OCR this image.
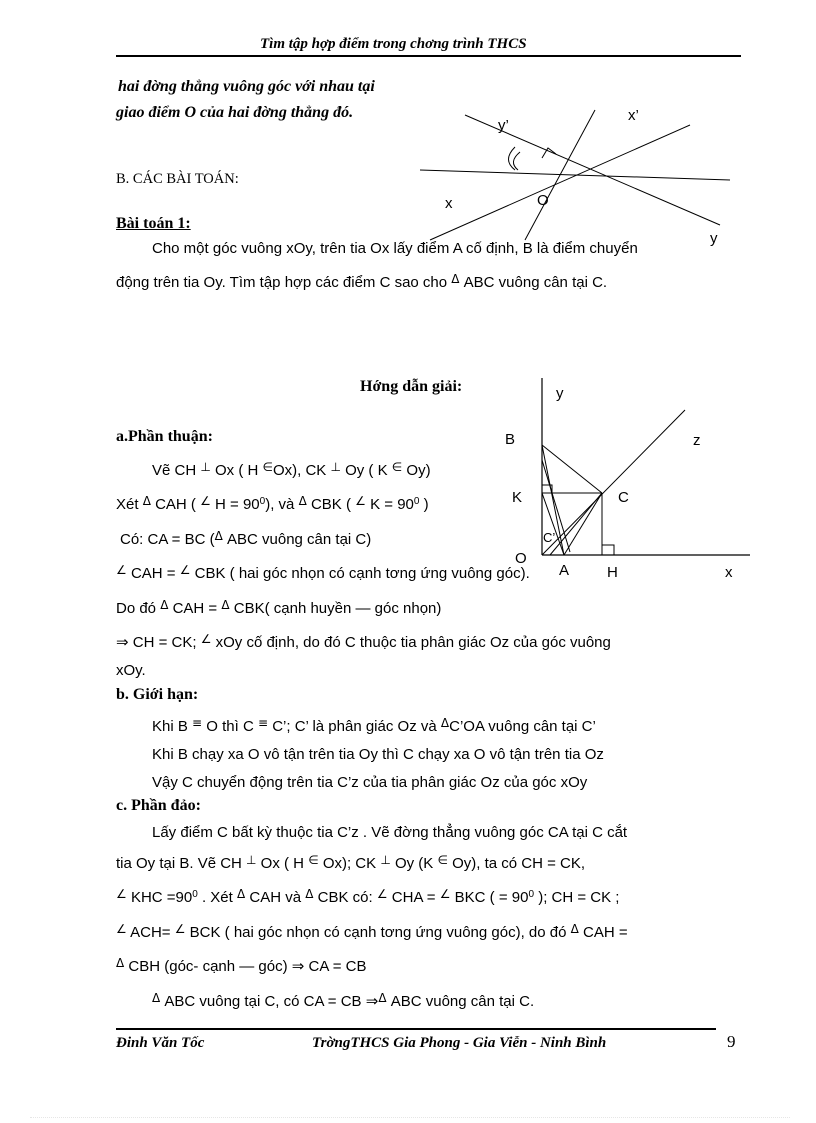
Tìm tập hợp điểm trong chơng trình THCS
hai đờng thẳng vuông góc với nhau tại
giao điểm O của hai đờng thẳng đó.
y’
x’
x	O
y
B. CÁC BÀI TOÁN:
Bài toán 1:
Cho một góc vuông xOy, trên tia Ox lấy điểm A cố định, B là điểm chuyển
động trên tia Oy. Tìm tập hợp các điểm C sao cho $^\Delta$ ABC vuông cân tại C.
y
B	z
K	C
C’
O
A	H	x
Hớng dẫn giải:
a.Phần thuận:
Vẽ CH ⊥ Ox ( H ∈Ox), CK ⊥ Oy ( K ∈ Oy)
Xét $^\Delta$ CAH ( ∠ $H = 90^0$), và $^\Delta$ CBK ( ∠ $K = 90^0$ )
Có: CA = BC ($^\Delta$ ABC vuông cân tại C)
∠ CAH = ∠ CBK ( hai góc nhọn có cạnh tơng ứng vuông góc).
Do đó $^\Delta$ CAH = $^\Delta$ CBK( cạnh huyền — góc nhọn)
⇒ CH = CK; ∠ xOy cố định, do đó C thuộc tia phân giác Oz của góc vuông
xOy.
b. Giới hạn:
Khi B ≡ O thì C ≡ C’; C’ là phân giác Oz và $^\Delta$C’OA vuông cân tại C’
Khi B chạy xa O vô tận trên tia Oy thì C chạy xa O vô tận trên tia Oz
Vậy C chuyển động trên tia C’z của tia phân giác Oz của góc xOy
c. Phần đảo:
Lấy điểm C bất kỳ thuộc tia C’z . Vẽ đờng thẳng vuông góc CA tại C cắt
tia Oy tại B. Vẽ CH ⊥ Ox ( H ∈ Ox); CK ⊥ Oy (K ∈ Oy), ta có CH = CK,
∠ KHC $=90^0$ . Xét $^\Delta$ CAH và $^\Delta$ CBK có: ∠ CHA = ∠ BKC ( = $90^0$ ); CH = CK ;
∠ ACH= ∠ BCK ( hai góc nhọn có cạnh tơng ứng vuông góc), do đó $^\Delta$ CAH =
$^\Delta$ CBH (góc- cạnh — góc) ⇒ CA = CB
$^\Delta$ ABC vuông tại C, có CA = CB ⇒$^\Delta$ ABC vuông cân tại C.
Đinh Văn Tốc	TrờngTHCS Gia Phong - Gia Viễn - Ninh Bình	9
